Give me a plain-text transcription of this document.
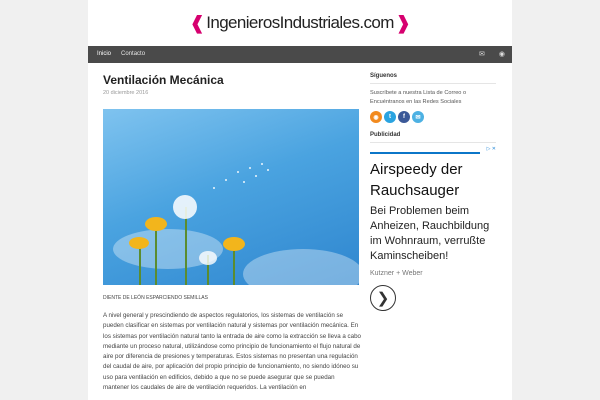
❰ IngenierosIndustriales.com ❱
Inicio	Contacto	✉ ◉
Ventilación Mecánica
20 diciembre 2016
DIENTE DE LEÓN ESPARCIENDO SEMILLAS

A nivel general y prescindiendo de aspectos regulatorios, los sistemas de ventilación se pueden clasificar en sistemas por ventilación natural y sistemas por ventilación mecánica. En los sistemas por ventilación natural tanto la entrada de aire como la extracción se lleva a cabo mediante un proceso natural, utilizándose como principio de funcionamiento el flujo natural de aire por diferencia de presiones y temperaturas. Estos sistemas no presentan una regulación del caudal de aire, por aplicación del propio principio de funcionamiento, no siendo idóneo su uso para ventilación en edificios, debido a que no se puede asegurar que se puedan mantener los caudales de aire de ventilación requeridos. La ventilación en

Síguenos
Suscríbete a nuestra Lista de Correo o Encuéntranos en las Redes Sociales
◉	t	f	✉
Publicidad
▷ ✕
Airspeedy der Rauchsauger
Bei Problemen beim Anheizen, Rauchbildung im Wohnraum, verrußte Kaminscheiben!
Kutzner + Weber
❯
